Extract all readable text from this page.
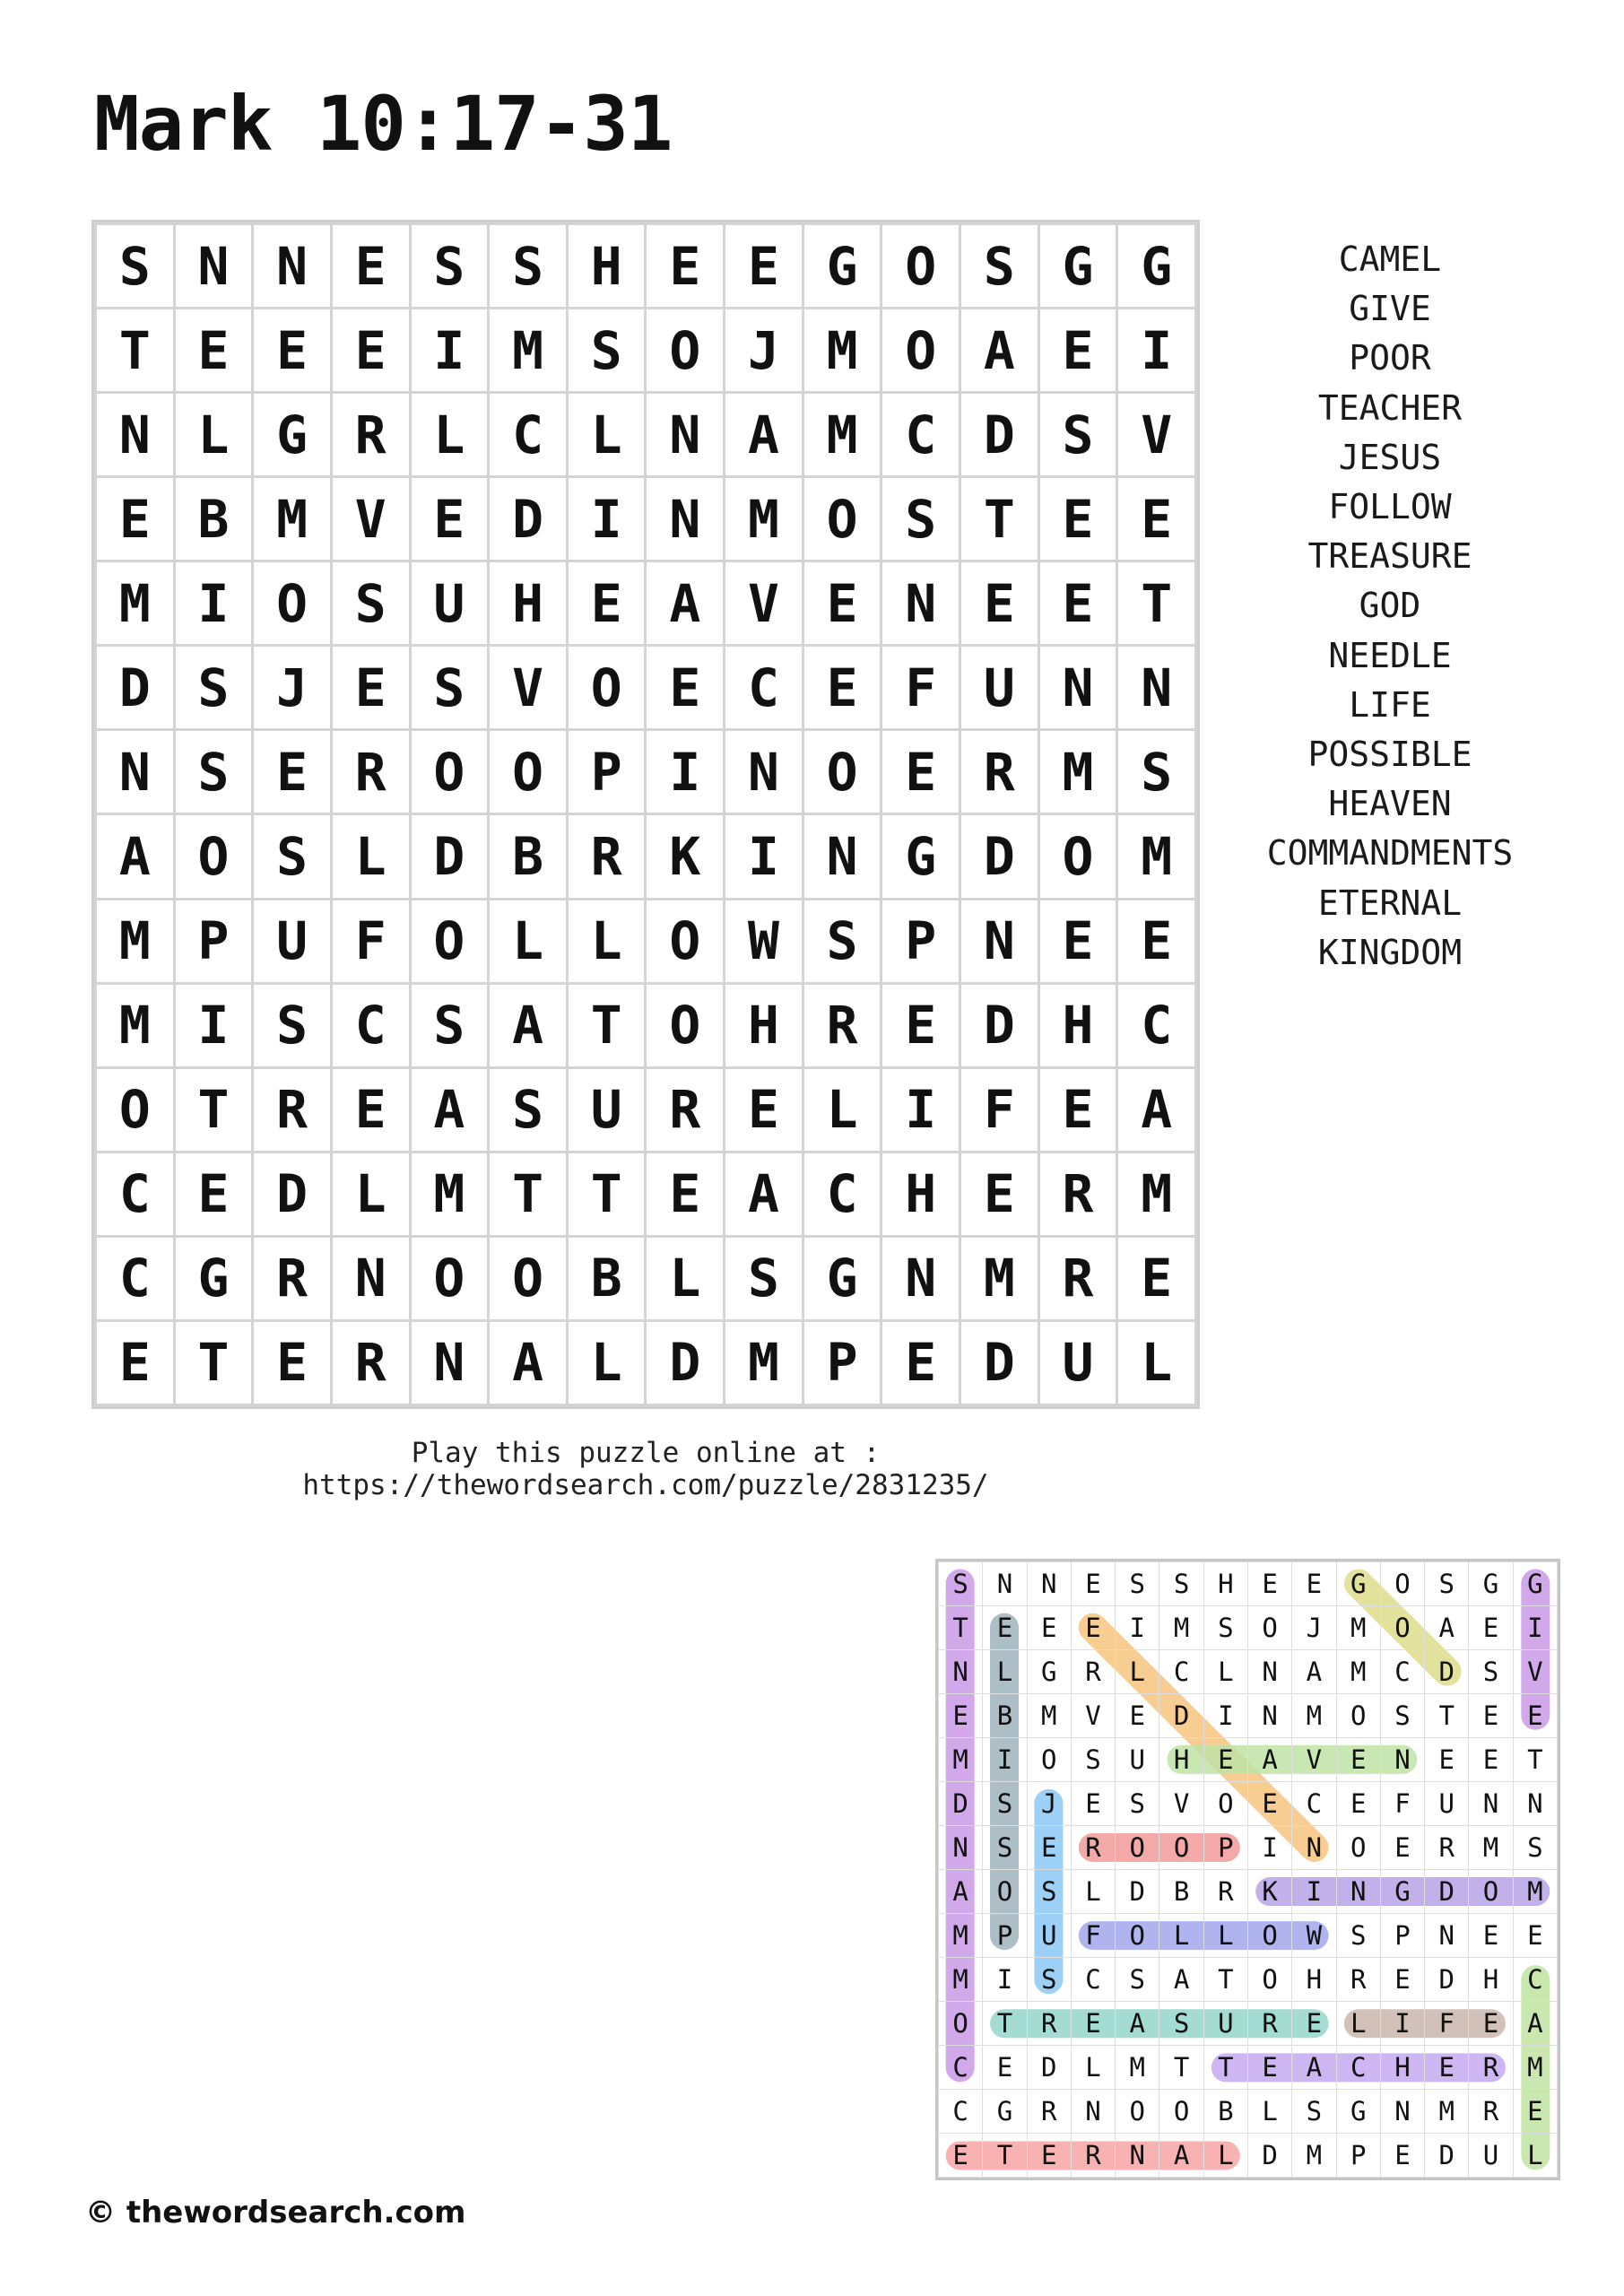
Mark 10:17-31
S	N	N	E	S	S	H	E	E	G	O	S	G	G
T	E	E	E	I	M	S	O	J	M	O	A	E	I
N	L	G	R	L	C	L	N	A	M	C	D	S	V
E	B	M	V	E	D	I	N	M	O	S	T	E	E
M	I	O	S	U	H	E	A	V	E	N	E	E	T
D	S	J	E	S	V	O	E	C	E	F	U	N	N
N	S	E	R	O	O	P	I	N	O	E	R	M	S
A	O	S	L	D	B	R	K	I	N	G	D	O	M
M	P	U	F	O	L	L	O	W	S	P	N	E	E
M	I	S	C	S	A	T	O	H	R	E	D	H	C
O	T	R	E	A	S	U	R	E	L	I	F	E	A
C	E	D	L	M	T	T	E	A	C	H	E	R	M
C	G	R	N	O	O	B	L	S	G	N	M	R	E
E	T	E	R	N	A	L	D	M	P	E	D	U	L
CAMEL
GIVE
POOR
TEACHER
JESUS
FOLLOW
TREASURE
GOD
NEEDLE
LIFE
POSSIBLE
HEAVEN
COMMANDMENTS
ETERNAL
KINGDOM
Play this puzzle online at : https://thewordsearch.com/puzzle/2831235/
S	N	N	E	S	S	H	E	E	G	O	S	G	G
T	E	E	E	I	M	S	O	J	M	O	A	E	I
N	L	G	R	L	C	L	N	A	M	C	D	S	V
E	B	M	V	E	D	I	N	M	O	S	T	E	E
M	I	O	S	U	H	E	A	V	E	N	E	E	T
D	S	J	E	S	V	O	E	C	E	F	U	N	N
N	S	E	R	O	O	P	I	N	O	E	R	M	S
A	O	S	L	D	B	R	K	I	N	G	D	O	M
M	P	U	F	O	L	L	O	W	S	P	N	E	E
M	I	S	C	S	A	T	O	H	R	E	D	H	C
O	T	R	E	A	S	U	R	E	L	I	F	E	A
C	E	D	L	M	T	T	E	A	C	H	E	R	M
C	G	R	N	O	O	B	L	S	G	N	M	R	E
E	T	E	R	N	A	L	D	M	P	E	D	U	L
© thewordsearch.com
